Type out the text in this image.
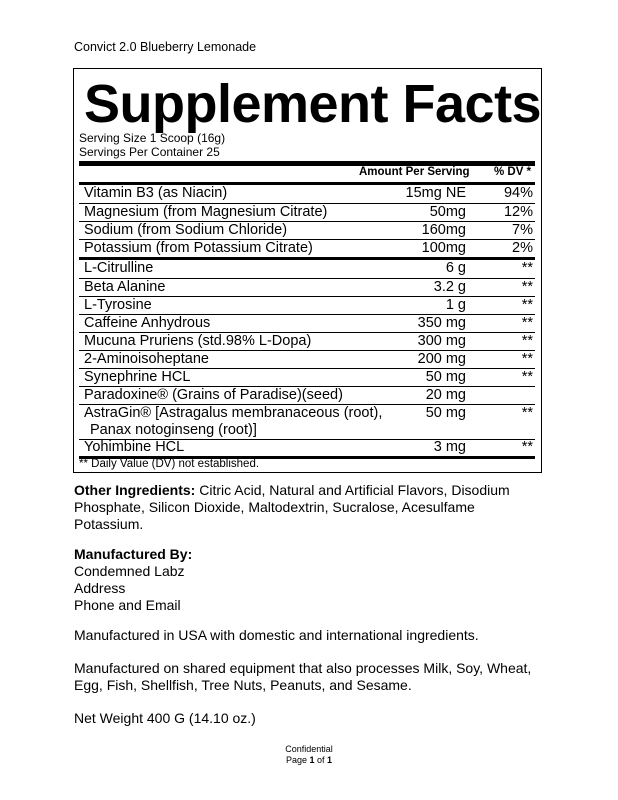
Convict 2.0 Blueberry Lemonade
Supplement Facts
Serving Size 1 Scoop (16g)
Servings Per Container 25
Amount Per Serving % DV *
Vitamin B3 (as Niacin)	15mg NE	94%
Magnesium (from Magnesium Citrate)	50mg	12%
Sodium (from Sodium Chloride)	160mg	7%
Potassium (from Potassium Citrate)	100mg	2%
L-Citrulline	6 g	**
Beta Alanine	3.2 g	**
L-Tyrosine	1 g	**
Caffeine Anhydrous	350 mg	**
Mucuna Pruriens (std.98% L-Dopa)	300 mg	**
2-Aminoisoheptane	200 mg	**
Synephrine HCL	50 mg	**
Paradoxine® (Grains of Paradise)(seed)	20 mg
AstraGin® [Astragalus membranaceous (root),
Panax notoginseng (root)]
50 mg	**
Yohimbine HCL	3 mg	**
** Daily Value (DV) not established.
Other Ingredients: Citric Acid, Natural and Artificial Flavors, Disodium Phosphate, Silicon Dioxide, Maltodextrin, Sucralose, Acesulfame Potassium.
Manufactured By:
Condemned Labz
Address
Phone and Email
Manufactured in USA with domestic and international ingredients.
Manufactured on shared equipment that also processes Milk, Soy, Wheat, Egg, Fish, Shellfish, Tree Nuts, Peanuts, and Sesame.
Net Weight 400 G (14.10 oz.)
Confidential
Page 1 of 1
